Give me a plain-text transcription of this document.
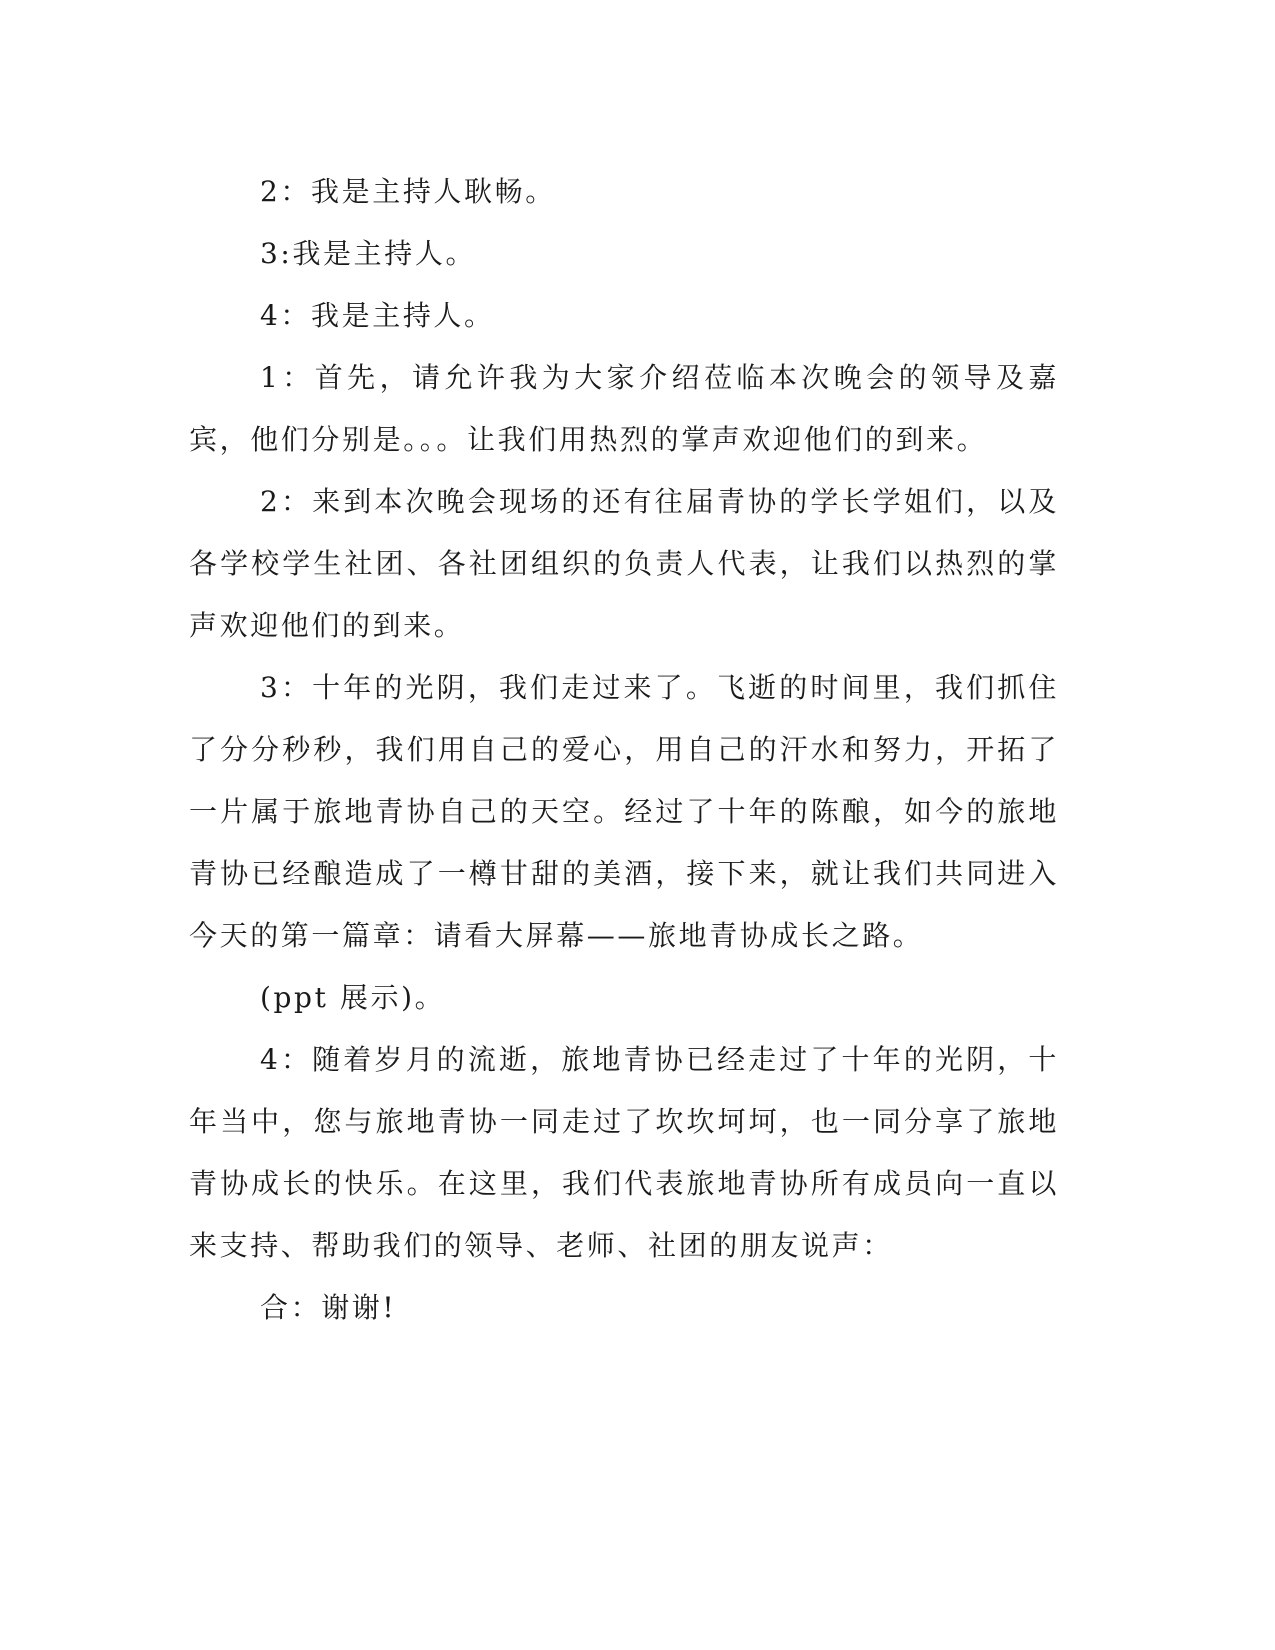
2：我是主持人耿畅。

3:我是主持人。

4：我是主持人。

1：首先，请允许我为大家介绍莅临本次晚会的领导及嘉宾，他们分别是。。。让我们用热烈的掌声欢迎他们的到来。

2：来到本次晚会现场的还有往届青协的学长学姐们，以及各学校学生社团、各社团组织的负责人代表，让我们以热烈的掌声欢迎他们的到来。

3：十年的光阴，我们走过来了。飞逝的时间里，我们抓住了分分秒秒，我们用自己的爱心，用自己的汗水和努力，开拓了一片属于旅地青协自己的天空。经过了十年的陈酿，如今的旅地青协已经酿造成了一樽甘甜的美酒，接下来，就让我们共同进入今天的第一篇章：请看大屏幕——旅地青协成长之路。

(ppt 展示)。

4：随着岁月的流逝，旅地青协已经走过了十年的光阴，十年当中，您与旅地青协一同走过了坎坎坷坷，也一同分享了旅地青协成长的快乐。在这里，我们代表旅地青协所有成员向一直以来支持、帮助我们的领导、老师、社团的朋友说声：

合：谢谢!
